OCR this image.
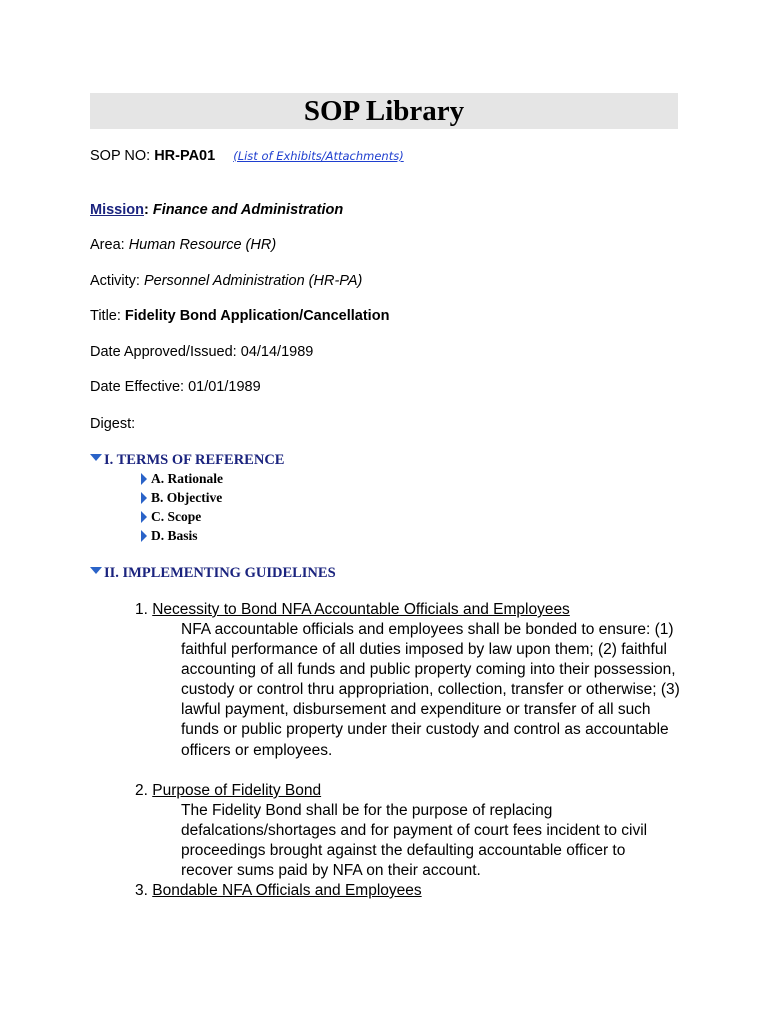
SOP Library
SOP NO: HR-PA01 (List of Exhibits/Attachments)
Mission: Finance and Administration
Area: Human Resource (HR)
Activity: Personnel Administration (HR-PA)
Title: Fidelity Bond Application/Cancellation
Date Approved/Issued: 04/14/1989
Date Effective: 01/01/1989
Digest:
I. TERMS OF REFERENCE
A. Rationale
B. Objective
C. Scope
D. Basis
II. IMPLEMENTING GUIDELINES
1. Necessity to Bond NFA Accountable Officials and Employees

NFA accountable officials and employees shall be bonded to ensure: (1) faithful performance of all duties imposed by law upon them; (2) faithful accounting of all funds and public property coming into their possession, custody or control thru appropriation, collection, transfer or otherwise; (3) lawful payment, disbursement and expenditure or transfer of all such funds or public property under their custody and control as accountable officers or employees.

2. Purpose of Fidelity Bond

The Fidelity Bond shall be for the purpose of replacing defalcations/shortages and for payment of court fees incident to civil proceedings brought against the defaulting accountable officer to recover sums paid by NFA on their account.

3. Bondable NFA Officials and Employees
